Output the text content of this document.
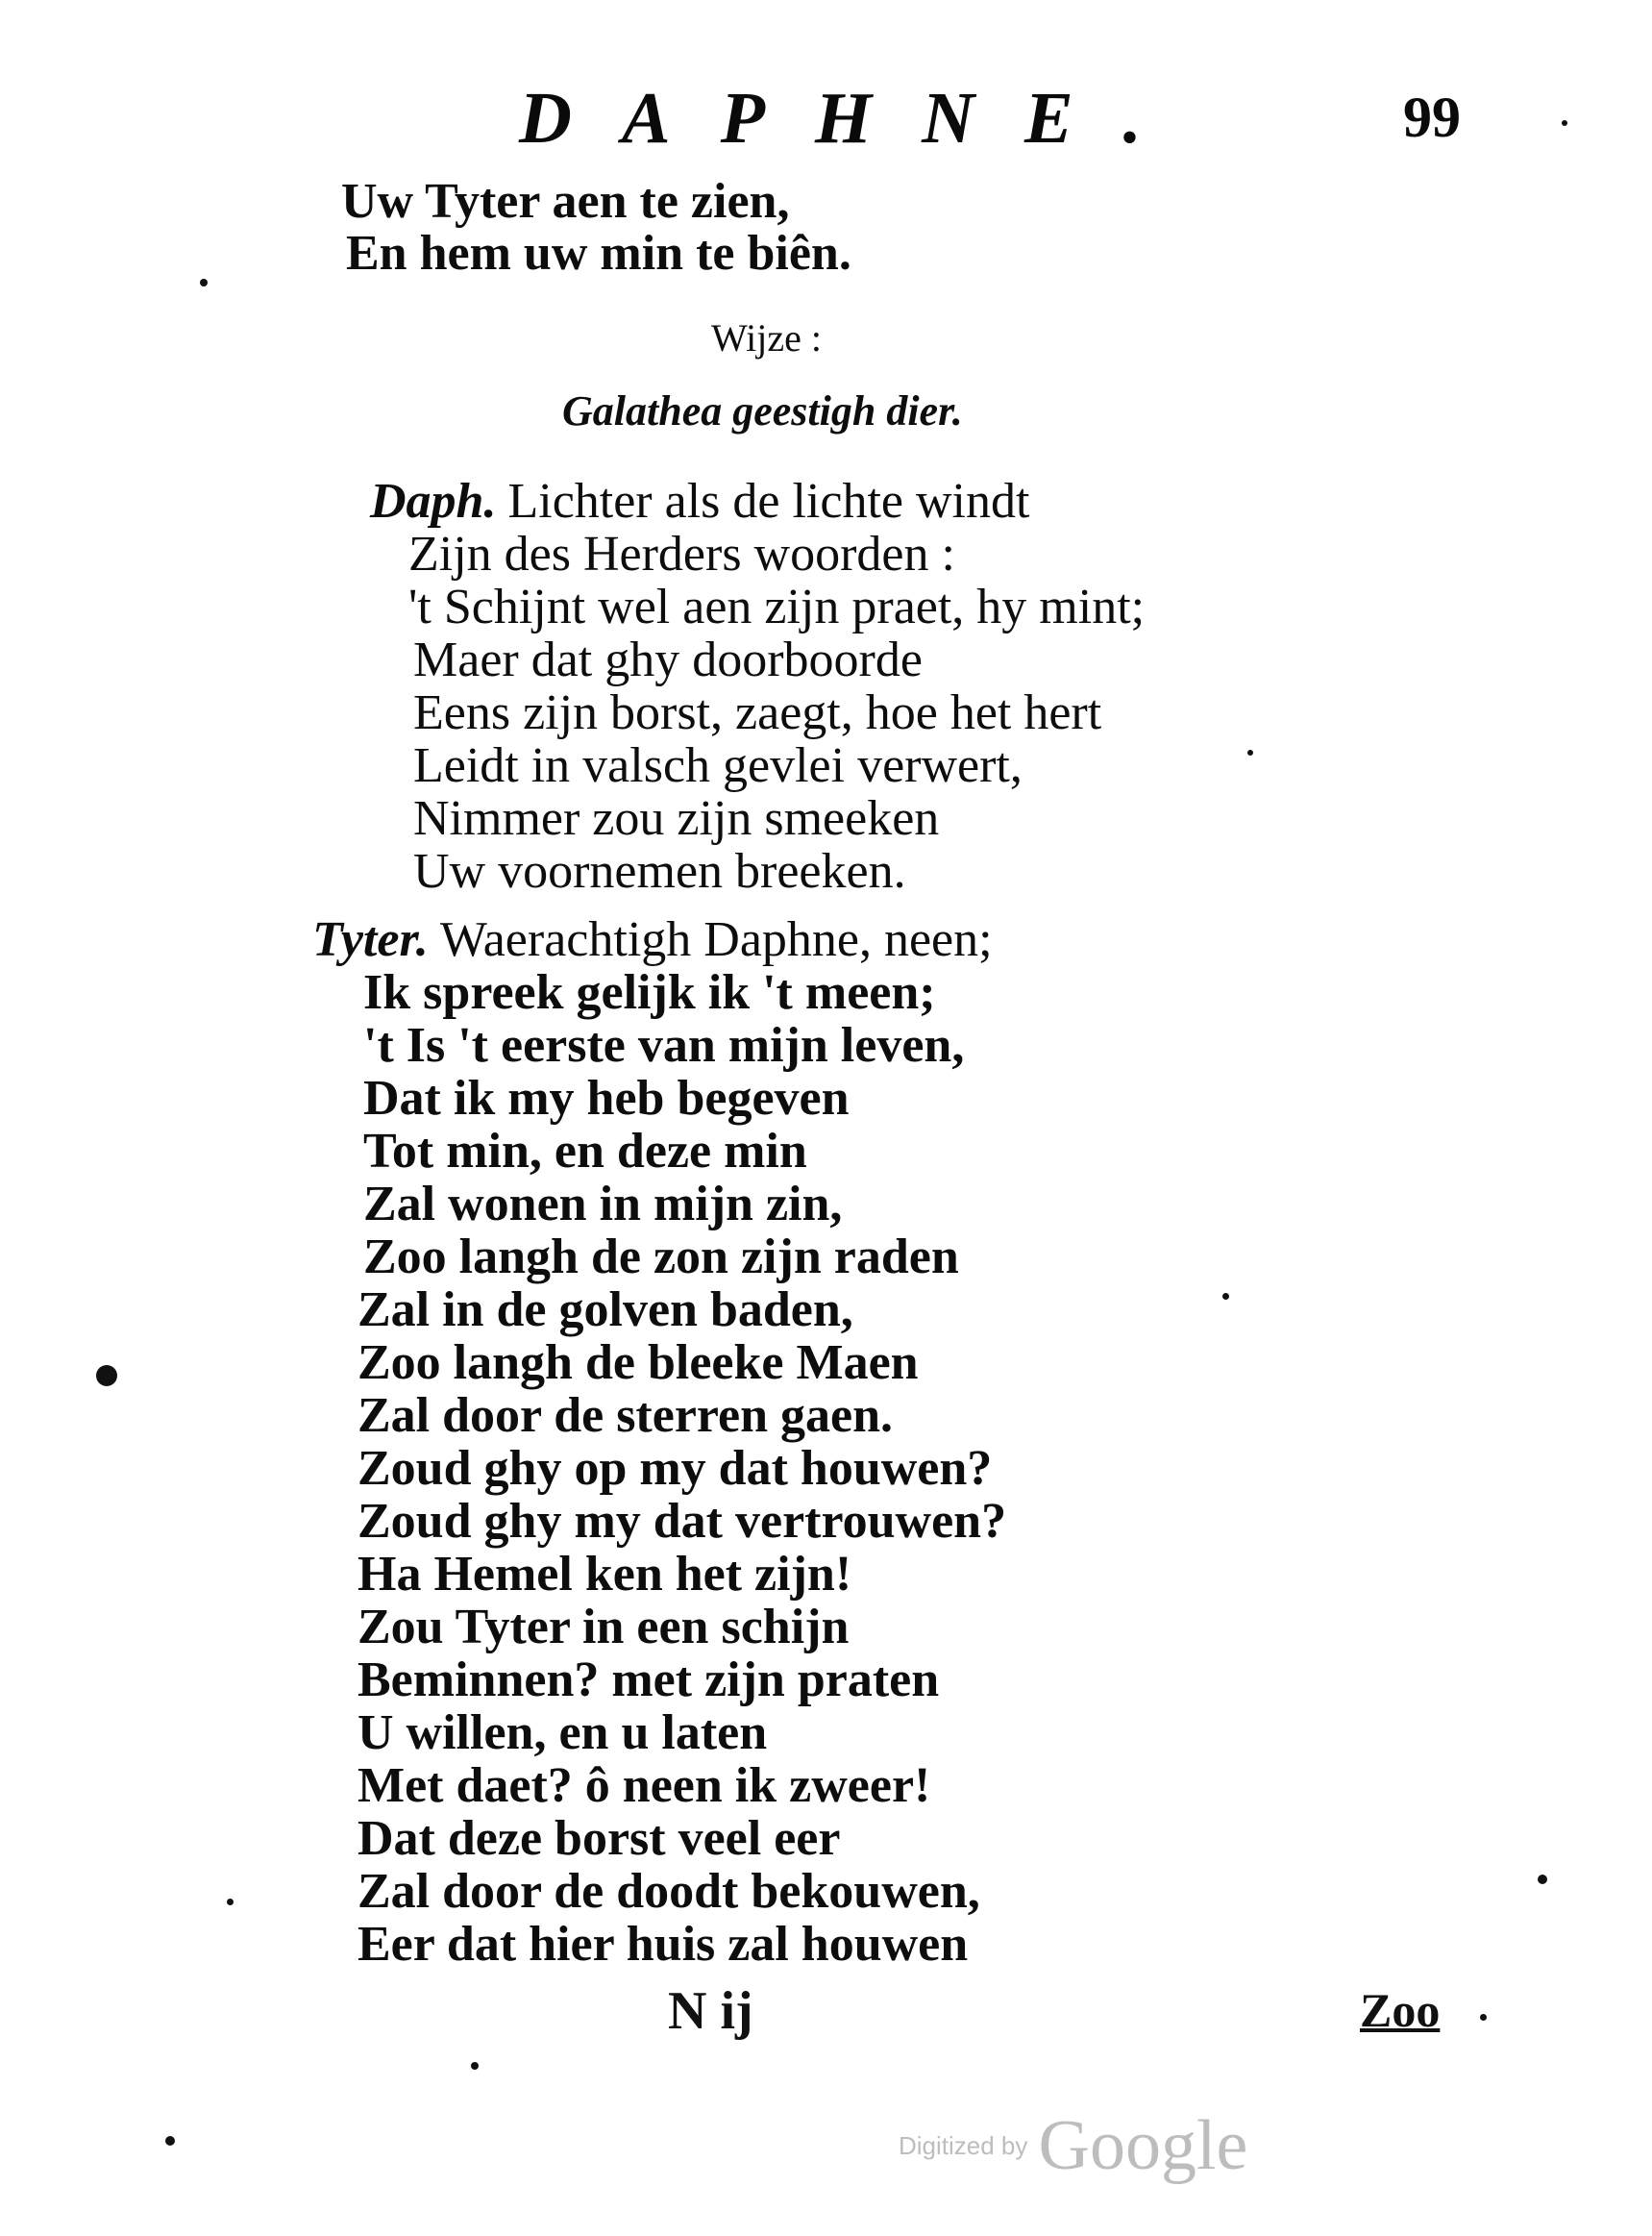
DAPHNE.	99
Uw Tyter aen te zien,
En hem uw min te biên.
Wijze :
Galathea geestigh dier.
Daph. Lichter als de lichte windt
Zijn des Herders woorden :
't Schijnt wel aen zijn praet, hy mint;
Maer dat ghy doorboorde
Eens zijn borst, zaegt, hoe het hert
Leidt in valsch gevlei verwert,
Nimmer zou zijn smeeken
Uw voornemen breeken.
Tyter. Waerachtigh Daphne, neen;
Ik spreek gelijk ik 't meen;
't Is 't eerste van mijn leven,
Dat ik my heb begeven
Tot min, en deze min
Zal wonen in mijn zin,
Zoo langh de zon zijn raden
Zal in de golven baden,
Zoo langh de bleeke Maen
Zal door de sterren gaen.
Zoud ghy op my dat houwen?
Zoud ghy my dat vertrouwen?
Ha Hemel ken het zijn!
Zou Tyter in een schijn
Beminnen? met zijn praten
U willen, en u laten
Met daet? ô neen ik zweer!
Dat deze borst veel eer
Zal door de doodt bekouwen,
Eer dat hier huis zal houwen
N ij	Zoo
Digitized by Google
